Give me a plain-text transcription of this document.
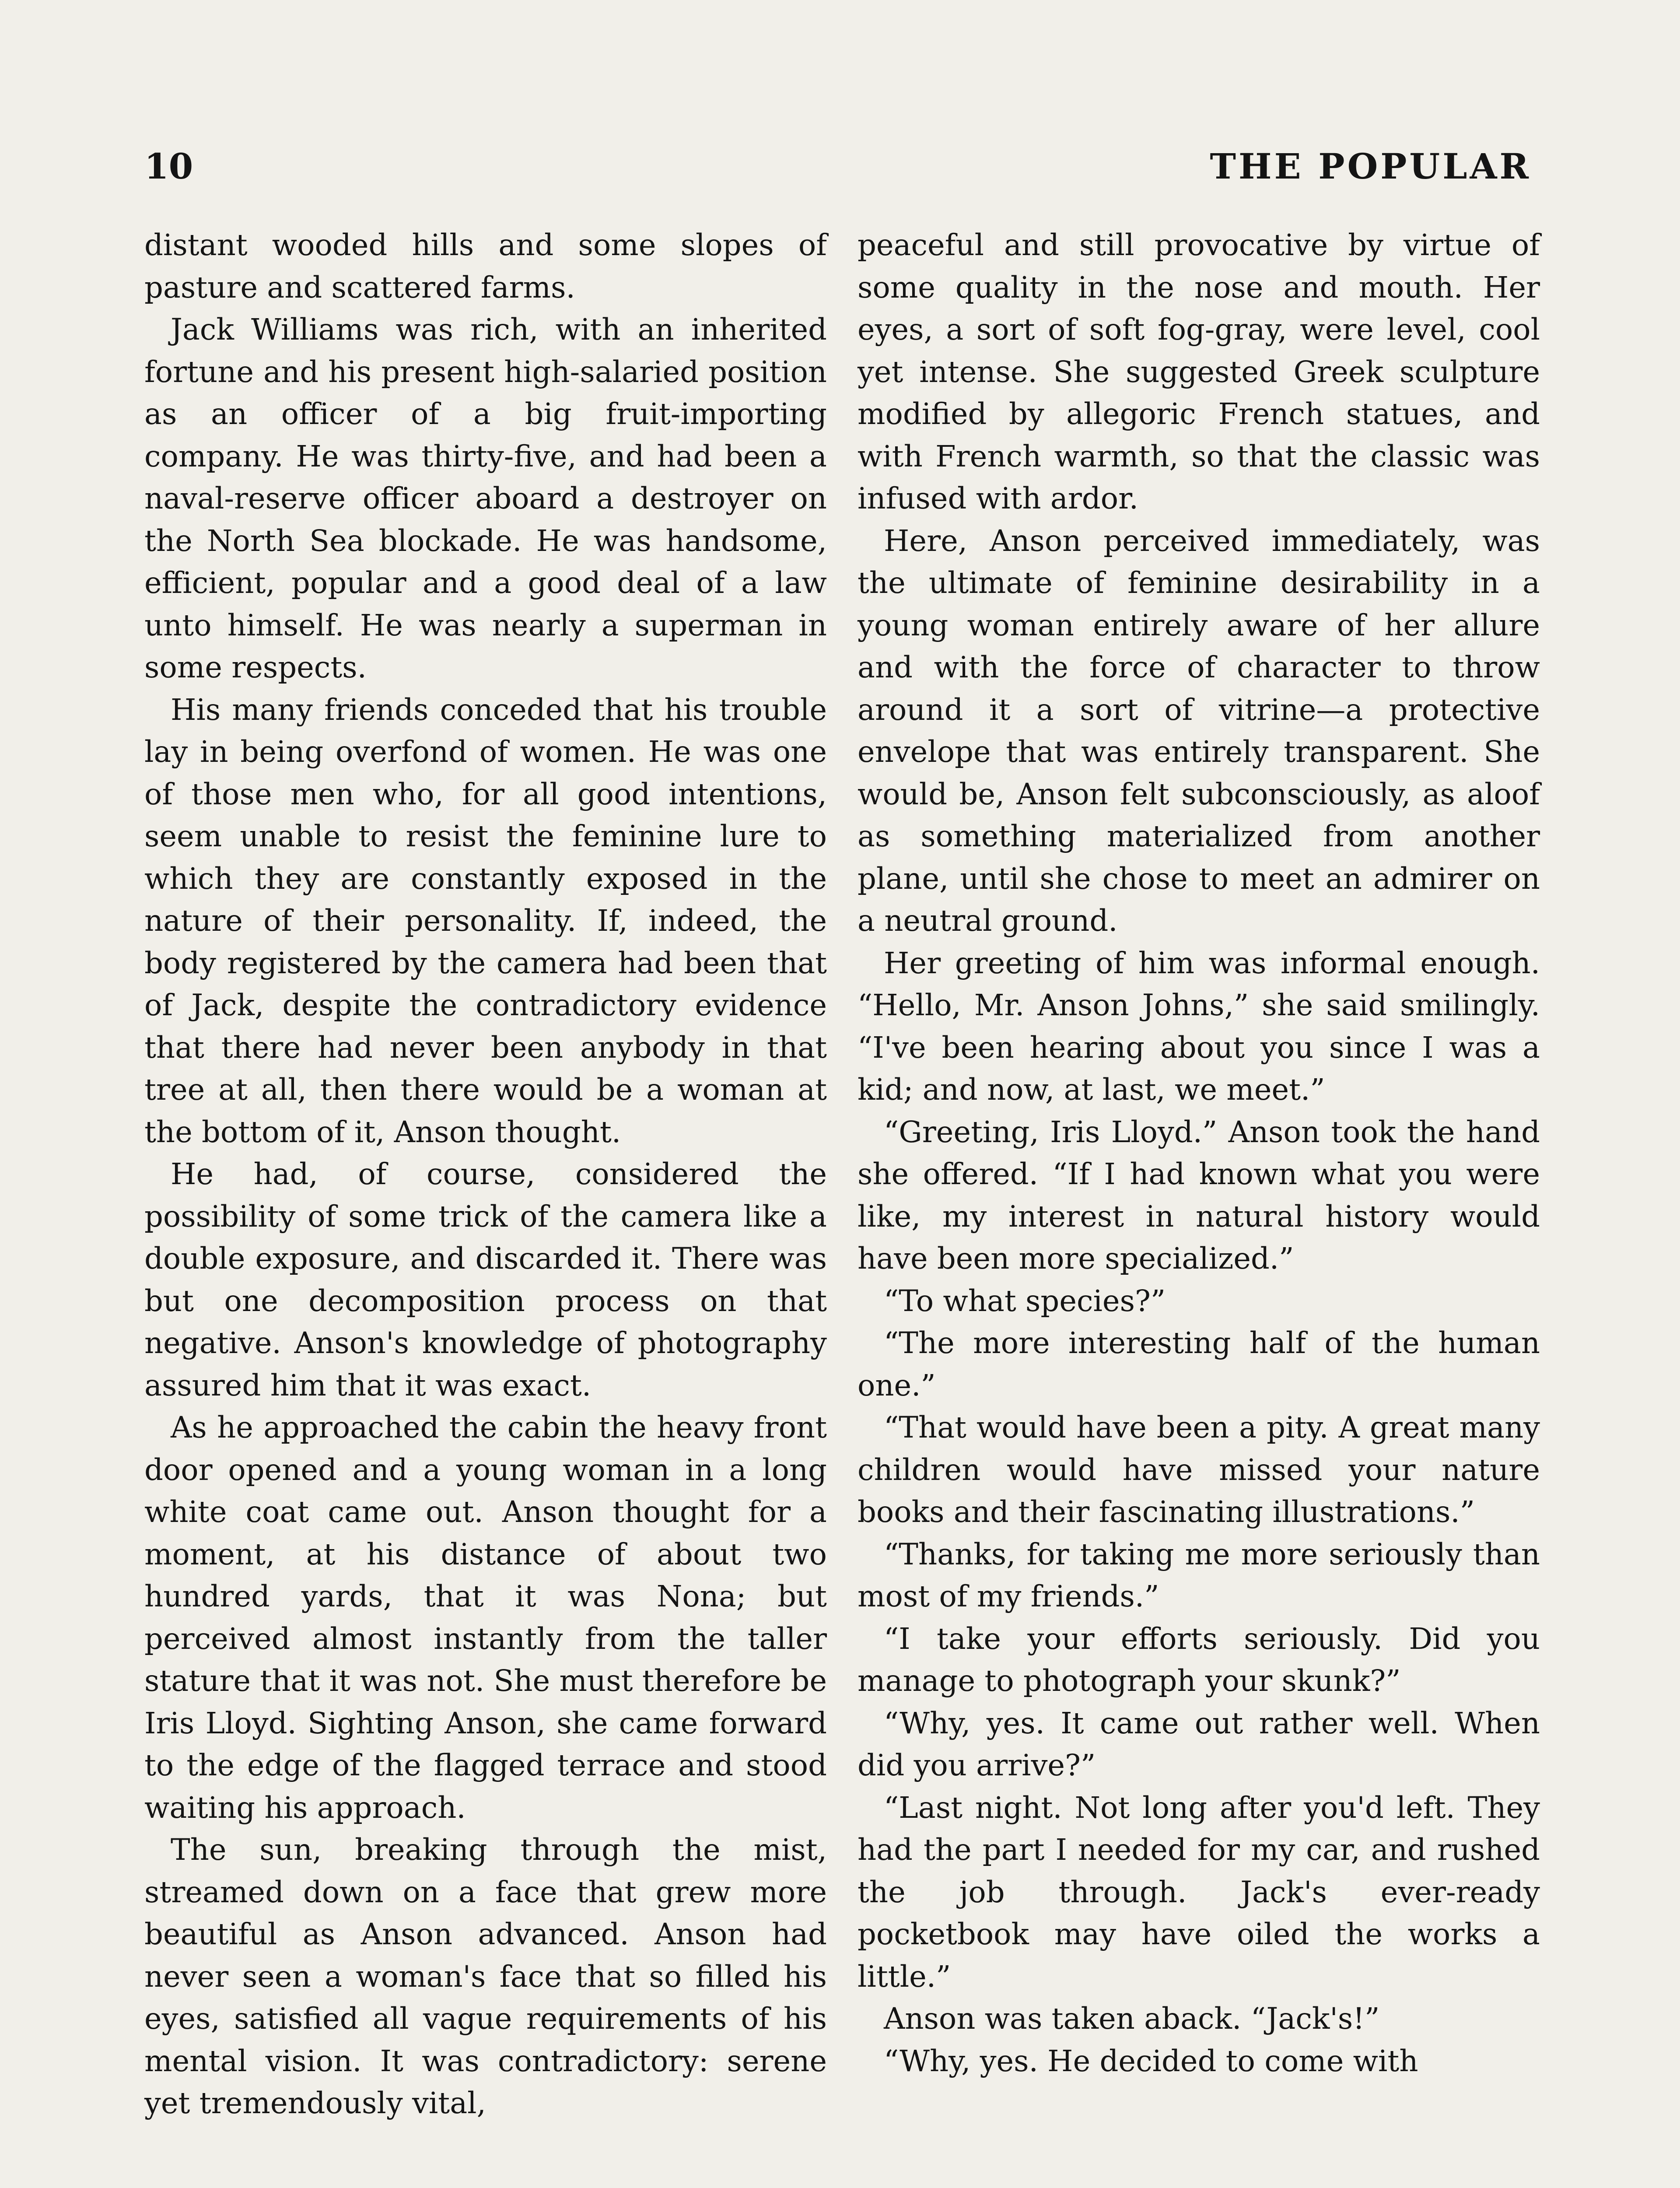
10	THE POPULAR

distant wooded hills and some slopes of pasture and scattered farms.

Jack Williams was rich, with an inherited fortune and his present high-salaried position as an officer of a big fruit-importing company. He was thirty-five, and had been a naval-reserve officer aboard a destroyer on the North Sea blockade. He was handsome, efficient, popular and a good deal of a law unto himself. He was nearly a superman in some respects.

His many friends conceded that his trouble lay in being overfond of women. He was one of those men who, for all good intentions, seem unable to resist the feminine lure to which they are constantly exposed in the nature of their personality. If, indeed, the body registered by the camera had been that of Jack, despite the contradictory evidence that there had never been anybody in that tree at all, then there would be a woman at the bottom of it, Anson thought.

He had, of course, considered the possibility of some trick of the camera like a double exposure, and discarded it. There was but one decomposition process on that negative. Anson's knowledge of photography assured him that it was exact.

As he approached the cabin the heavy front door opened and a young woman in a long white coat came out. Anson thought for a moment, at his distance of about two hundred yards, that it was Nona; but perceived almost instantly from the taller stature that it was not. She must therefore be Iris Lloyd. Sighting Anson, she came forward to the edge of the flagged terrace and stood waiting his approach.

The sun, breaking through the mist, streamed down on a face that grew more beautiful as Anson advanced. Anson had never seen a woman's face that so filled his eyes, satisfied all vague requirements of his mental vision. It was contradictory: serene yet tremendously vital,

peaceful and still provocative by virtue of some quality in the nose and mouth. Her eyes, a sort of soft fog-gray, were level, cool yet intense. She suggested Greek sculpture modified by allegoric French statues, and with French warmth, so that the classic was infused with ardor.

Here, Anson perceived immediately, was the ultimate of feminine desirability in a young woman entirely aware of her allure and with the force of character to throw around it a sort of vitrine—a protective envelope that was entirely transparent. She would be, Anson felt subconsciously, as aloof as something materialized from another plane, until she chose to meet an admirer on a neutral ground.

Her greeting of him was informal enough. “Hello, Mr. Anson Johns,” she said smilingly. “I've been hearing about you since I was a kid; and now, at last, we meet.”

“Greeting, Iris Lloyd.” Anson took the hand she offered. “If I had known what you were like, my interest in natural history would have been more specialized.”

“To what species?”

“The more interesting half of the human one.”

“That would have been a pity. A great many children would have missed your nature books and their fascinating illustrations.”

“Thanks, for taking me more seriously than most of my friends.”

“I take your efforts seriously. Did you manage to photograph your skunk?”

“Why, yes. It came out rather well. When did you arrive?”

“Last night. Not long after you'd left. They had the part I needed for my car, and rushed the job through. Jack's ever-ready pocketbook may have oiled the works a little.”

Anson was taken aback. “Jack's!”

“Why, yes. He decided to come with
